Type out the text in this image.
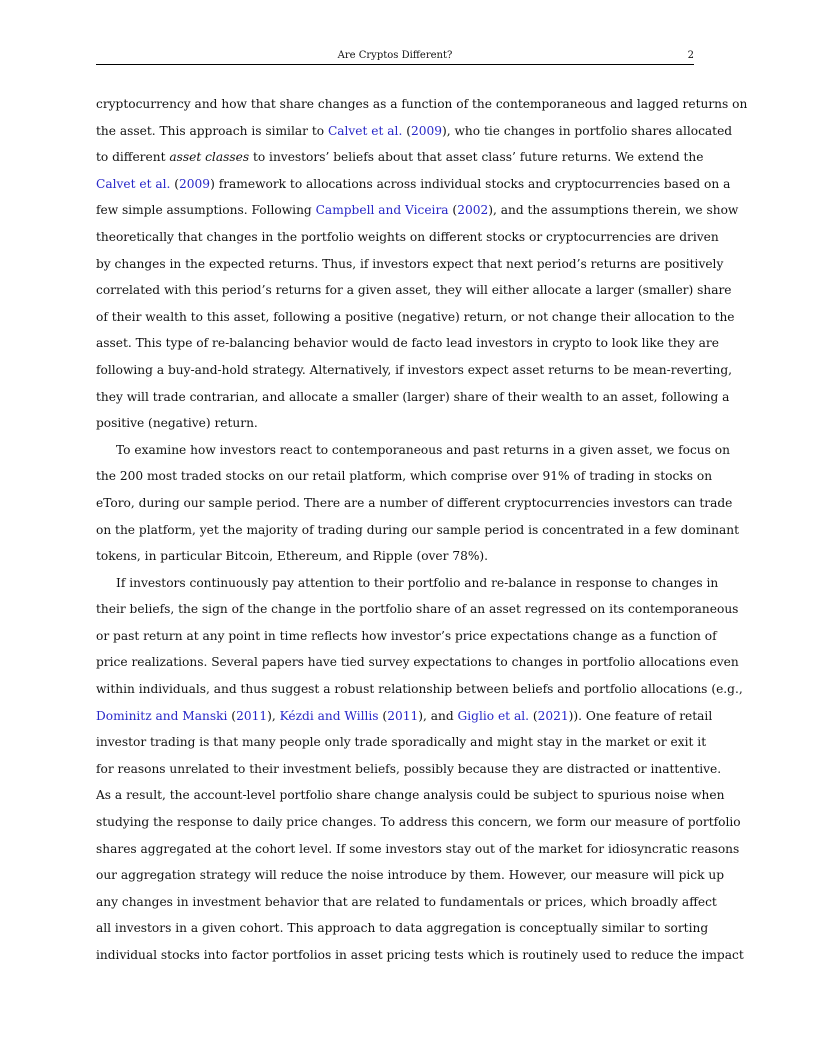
Are Cryptos Different?	2
cryptocurrency and how that share changes as a function of the contemporaneous and lagged returns on
the asset. This approach is similar to Calvet et al. (2009), who tie changes in portfolio shares allocated
to different asset classes to investors’ beliefs about that asset class’ future returns. We extend the
Calvet et al. (2009) framework to allocations across individual stocks and cryptocurrencies based on a
few simple assumptions. Following Campbell and Viceira (2002), and the assumptions therein, we show
theoretically that changes in the portfolio weights on different stocks or cryptocurrencies are driven
by changes in the expected returns. Thus, if investors expect that next period’s returns are positively
correlated with this period’s returns for a given asset, they will either allocate a larger (smaller) share
of their wealth to this asset, following a positive (negative) return, or not change their allocation to the
asset. This type of re-balancing behavior would de facto lead investors in crypto to look like they are
following a buy-and-hold strategy. Alternatively, if investors expect asset returns to be mean-reverting,
they will trade contrarian, and allocate a smaller (larger) share of their wealth to an asset, following a
positive (negative) return.
To examine how investors react to contemporaneous and past returns in a given asset, we focus on
the 200 most traded stocks on our retail platform, which comprise over 91% of trading in stocks on
eToro, during our sample period. There are a number of different cryptocurrencies investors can trade
on the platform, yet the majority of trading during our sample period is concentrated in a few dominant
tokens, in particular Bitcoin, Ethereum, and Ripple (over 78%).
If investors continuously pay attention to their portfolio and re-balance in response to changes in
their beliefs, the sign of the change in the portfolio share of an asset regressed on its contemporaneous
or past return at any point in time reflects how investor’s price expectations change as a function of
price realizations. Several papers have tied survey expectations to changes in portfolio allocations even
within individuals, and thus suggest a robust relationship between beliefs and portfolio allocations (e.g.,
Dominitz and Manski (2011), Kézdi and Willis (2011), and Giglio et al. (2021)). One feature of retail
investor trading is that many people only trade sporadically and might stay in the market or exit it
for reasons unrelated to their investment beliefs, possibly because they are distracted or inattentive.
As a result, the account-level portfolio share change analysis could be subject to spurious noise when
studying the response to daily price changes. To address this concern, we form our measure of portfolio
shares aggregated at the cohort level. If some investors stay out of the market for idiosyncratic reasons
our aggregation strategy will reduce the noise introduce by them. However, our measure will pick up
any changes in investment behavior that are related to fundamentals or prices, which broadly affect
all investors in a given cohort. This approach to data aggregation is conceptually similar to sorting
individual stocks into factor portfolios in asset pricing tests which is routinely used to reduce the impact
